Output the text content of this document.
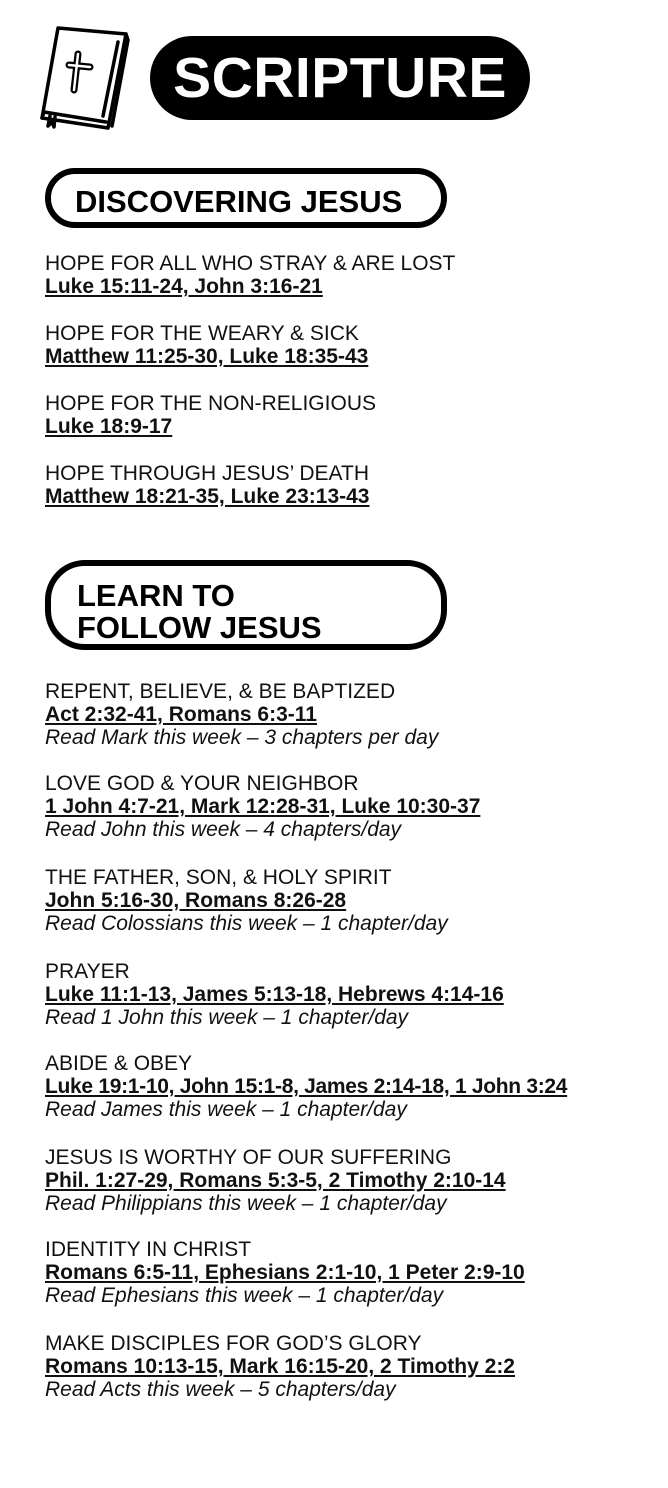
SCRIPTURE
DISCOVERING JESUS
HOPE FOR ALL WHO STRAY & ARE LOST
Luke 15:11-24, John 3:16-21
HOPE FOR THE WEARY & SICK
Matthew 11:25-30, Luke 18:35-43
HOPE FOR THE NON-RELIGIOUS
Luke 18:9-17
HOPE THROUGH JESUS’ DEATH
Matthew 18:21-35, Luke 23:13-43
LEARN TO
FOLLOW JESUS
REPENT, BELIEVE, & BE BAPTIZED
Act 2:32-41, Romans 6:3-11
Read Mark this week – 3 chapters per day
LOVE GOD & YOUR NEIGHBOR
1 John 4:7-21, Mark 12:28-31, Luke 10:30-37
Read John this week – 4 chapters/day
THE FATHER, SON, & HOLY SPIRIT
John 5:16-30, Romans 8:26-28
Read Colossians this week – 1 chapter/day
PRAYER
Luke 11:1-13, James 5:13-18, Hebrews 4:14-16
Read 1 John this week – 1 chapter/day
ABIDE & OBEY
Luke 19:1-10, John 15:1-8, James 2:14-18, 1 John 3:24
Read James this week – 1 chapter/day
JESUS IS WORTHY OF OUR SUFFERING
Phil. 1:27-29, Romans 5:3-5, 2 Timothy 2:10-14
Read Philippians this week – 1 chapter/day
IDENTITY IN CHRIST
Romans 6:5-11, Ephesians 2:1-10, 1 Peter 2:9-10
Read Ephesians this week – 1 chapter/day
MAKE DISCIPLES FOR GOD’S GLORY
Romans 10:13-15, Mark 16:15-20, 2 Timothy 2:2
Read Acts this week – 5 chapters/day
